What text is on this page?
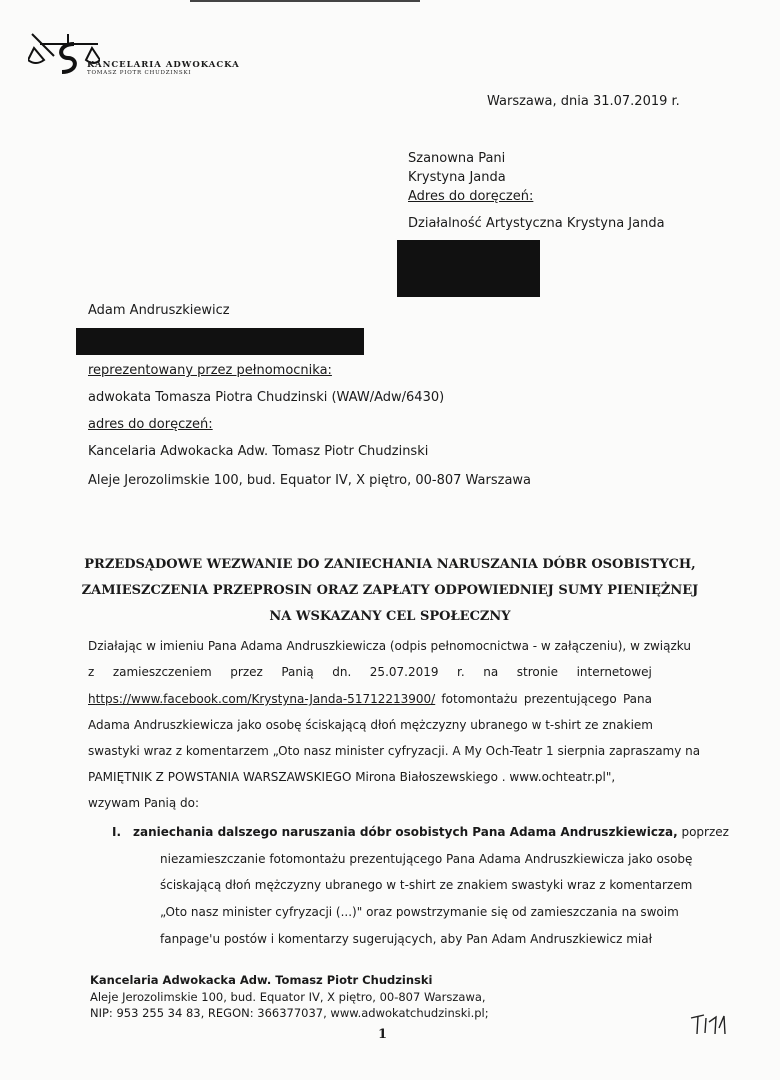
KANCELARIA ADWOKACKA
TOMASZ PIOTR CHUDZINSKI
Warszawa, dnia 31.07.2019 r.
Szanowna Pani
Krystyna Janda
Adres do doręczeń:
Działalność Artystyczna Krystyna Janda
Adam Andruszkiewicz
reprezentowany przez pełnomocnika:
adwokata Tomasza Piotra Chudzinski (WAW/Adw/6430)
adres do doręczeń:
Kancelaria Adwokacka Adw. Tomasz Piotr Chudzinski
Aleje Jerozolimskie 100, bud. Equator IV, X piętro, 00-807 Warszawa
PRZEDSĄDOWE WEZWANIE DO ZANIECHANIA NARUSZANIA DÓBR OSOBISTYCH,
ZAMIESZCZENIA PRZEPROSIN ORAZ ZAPŁATY ODPOWIEDNIEJ SUMY PIENIĘŻNEJ
NA WSKAZANY CEL SPOŁECZNY
Działając w imieniu Pana Adama Andruszkiewicza (odpis pełnomocnictwa - w załączeniu), w związku
z zamieszczeniem przez Panią dn. 25.07.2019 r. na stronie internetowej
https://www.facebook.com/Krystyna-Janda-51712213900/ fotomontażu prezentującego Pana
Adama Andruszkiewicza jako osobę ściskającą dłoń mężczyzny ubranego w t-shirt ze znakiem
swastyki wraz z komentarzem „Oto nasz minister cyfryzacji. A My Och-Teatr 1 sierpnia zapraszamy na
PAMIĘTNIK Z POWSTANIA WARSZAWSKIEGO Mirona Białoszewskiego . www.ochteatr.pl",
wzywam Panią do:
I. zaniechania dalszego naruszania dóbr osobistych Pana Adama Andruszkiewicza, poprzez
niezamieszczanie fotomontażu prezentującego Pana Adama Andruszkiewicza jako osobę
ściskającą dłoń mężczyzny ubranego w t-shirt ze znakiem swastyki wraz z komentarzem
„Oto nasz minister cyfryzacji (...)" oraz powstrzymanie się od zamieszczania na swoim
fanpage'u postów i komentarzy sugerujących, aby Pan Adam Andruszkiewicz miał
Kancelaria Adwokacka Adw. Tomasz Piotr Chudzinski
Aleje Jerozolimskie 100, bud. Equator IV, X piętro, 00-807 Warszawa,
NIP: 953 255 34 83, REGON: 366377037, www.adwokatchudzinski.pl;
1
